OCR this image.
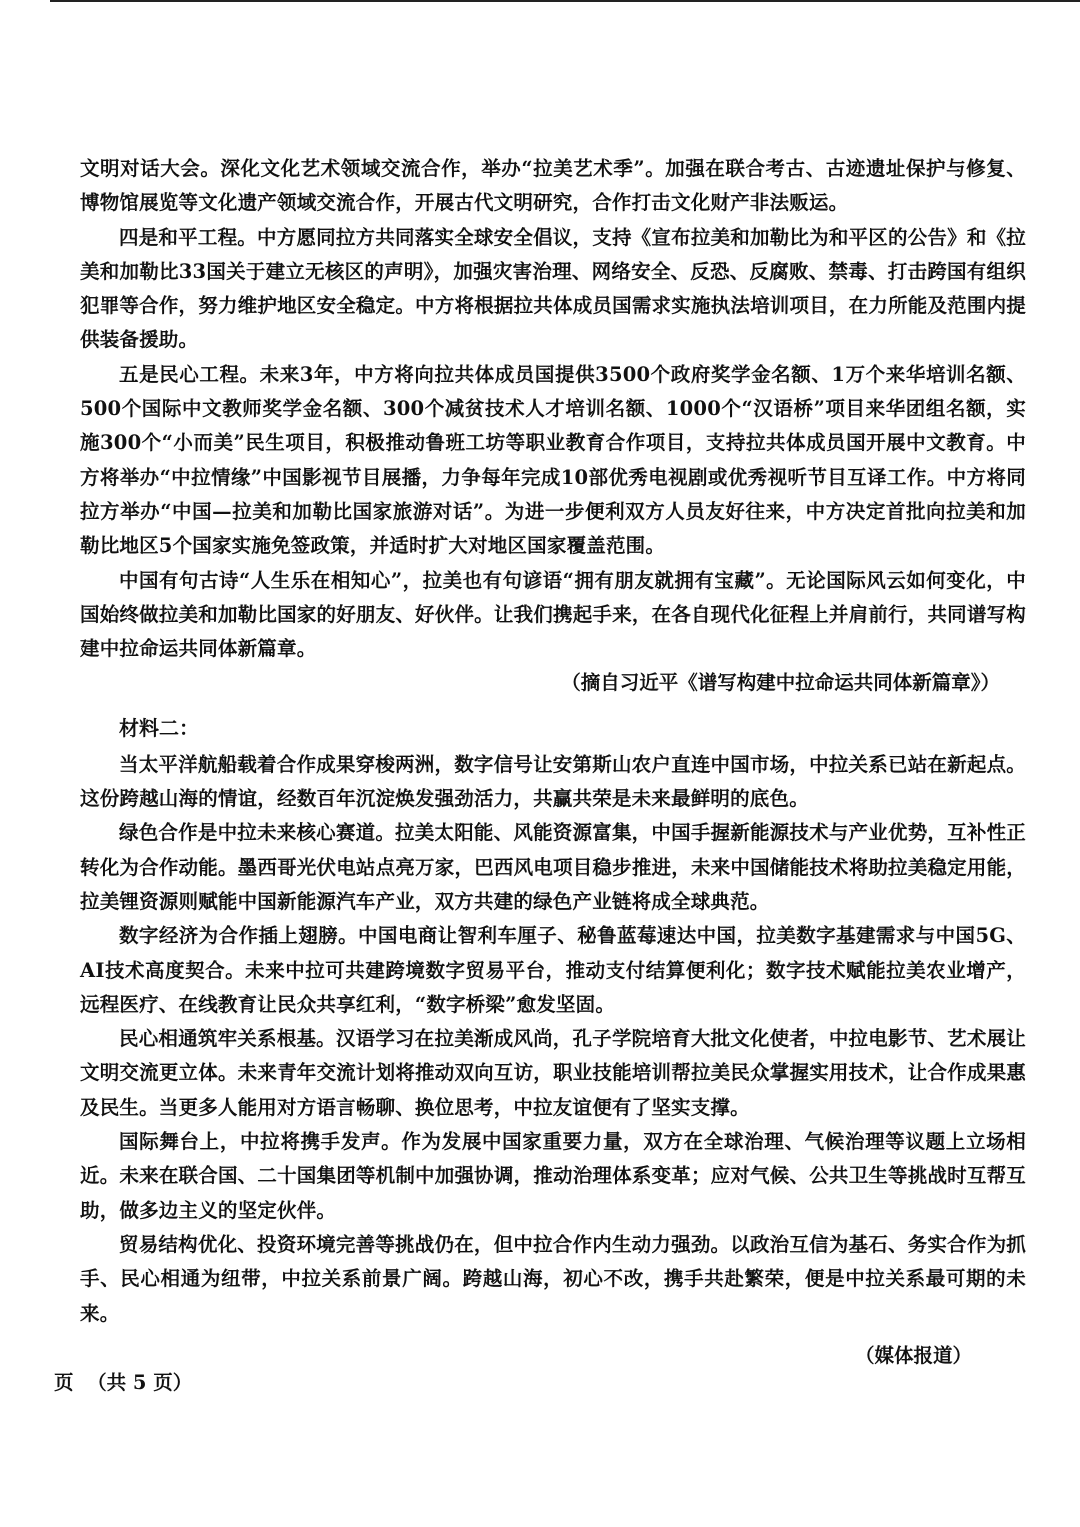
文明对话大会。深化文化艺术领域交流合作，举办“拉美艺术季”。加强在联合考古、古迹遗址保护与修复、博物馆展览等文化遗产领域交流合作，开展古代文明研究，合作打击文化财产非法贩运。

四是和平工程。中方愿同拉方共同落实全球安全倡议，支持《宣布拉美和加勒比为和平区的公告》和《拉美和加勒比33国关于建立无核区的声明》，加强灾害治理、网络安全、反恐、反腐败、禁毒、打击跨国有组织犯罪等合作，努力维护地区安全稳定。中方将根据拉共体成员国需求实施执法培训项目，在力所能及范围内提供装备援助。

五是民心工程。未来3年，中方将向拉共体成员国提供3500个政府奖学金名额、1万个来华培训名额、500个国际中文教师奖学金名额、300个减贫技术人才培训名额、1000个“汉语桥”项目来华团组名额，实施300个“小而美”民生项目，积极推动鲁班工坊等职业教育合作项目，支持拉共体成员国开展中文教育。中方将举办“中拉情缘”中国影视节目展播，力争每年完成10部优秀电视剧或优秀视听节目互译工作。中方将同拉方举办“中国—拉美和加勒比国家旅游对话”。为进一步便利双方人员友好往来，中方决定首批向拉美和加勒比地区5个国家实施免签政策，并适时扩大对地区国家覆盖范围。

中国有句古诗“人生乐在相知心”，拉美也有句谚语“拥有朋友就拥有宝藏”。无论国际风云如何变化，中国始终做拉美和加勒比国家的好朋友、好伙伴。让我们携起手来，在各自现代化征程上并肩前行，共同谱写构建中拉命运共同体新篇章。

（摘自习近平《谱写构建中拉命运共同体新篇章》）

材料二：

当太平洋航船载着合作成果穿梭两洲，数字信号让安第斯山农户直连中国市场，中拉关系已站在新起点。这份跨越山海的情谊，经数百年沉淀焕发强劲活力，共赢共荣是未来最鲜明的底色。

绿色合作是中拉未来核心赛道。拉美太阳能、风能资源富集，中国手握新能源技术与产业优势，互补性正转化为合作动能。墨西哥光伏电站点亮万家，巴西风电项目稳步推进，未来中国储能技术将助拉美稳定用能，拉美锂资源则赋能中国新能源汽车产业，双方共建的绿色产业链将成全球典范。

数字经济为合作插上翅膀。中国电商让智利车厘子、秘鲁蓝莓速达中国，拉美数字基建需求与中国5G、AI技术高度契合。未来中拉可共建跨境数字贸易平台，推动支付结算便利化；数字技术赋能拉美农业增产，远程医疗、在线教育让民众共享红利，“数字桥梁”愈发坚固。

民心相通筑牢关系根基。汉语学习在拉美渐成风尚，孔子学院培育大批文化使者，中拉电影节、艺术展让文明交流更立体。未来青年交流计划将推动双向互访，职业技能培训帮拉美民众掌握实用技术，让合作成果惠及民生。当更多人能用对方语言畅聊、换位思考，中拉友谊便有了坚实支撑。

国际舞台上，中拉将携手发声。作为发展中国家重要力量，双方在全球治理、气候治理等议题上立场相近。未来在联合国、二十国集团等机制中加强协调，推动治理体系变革；应对气候、公共卫生等挑战时互帮互助，做多边主义的坚定伙伴。

贸易结构优化、投资环境完善等挑战仍在，但中拉合作内生动力强劲。以政治互信为基石、务实合作为抓手、民心相通为纽带，中拉关系前景广阔。跨越山海，初心不改，携手共赴繁荣，便是中拉关系最可期的未来。

（媒体报道）

页  （共 5 页）
